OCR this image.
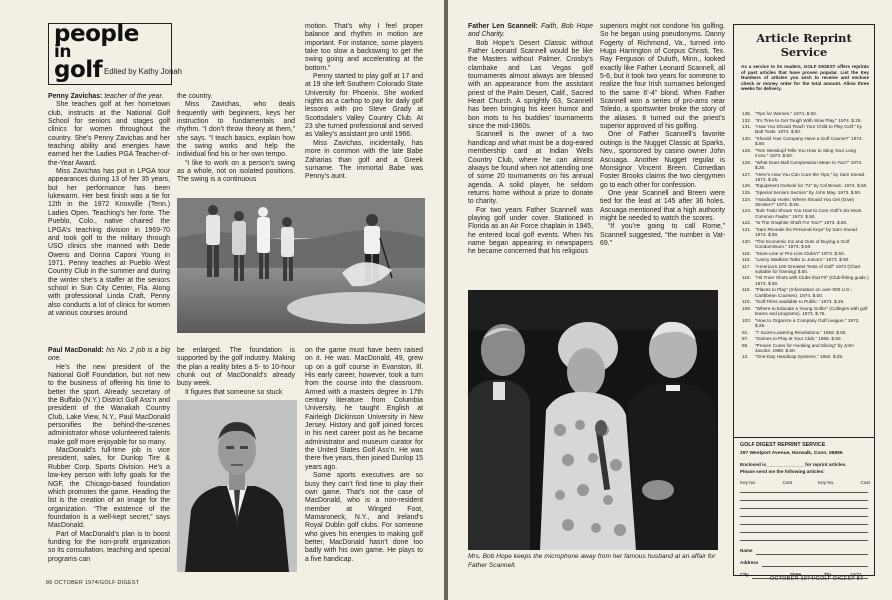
people
in
golf Edited by Kathy Jonah

Penny Zavichas: teacher of the year.

She teaches golf at her hometown club, instructs at the National Golf School for seniors and stages golf clinics for women throughout the country. She’s Penny Zavichas and her teaching ability and energies have earned her the Ladies PGA Teacher-of-the-Year Award.

Miss Zavichas has put in LPGA tour appearances during 13 of her 35 years, but her performance has been lukewarm. Her best finish was a tie for 12th in the 1972 Knoxville (Tenn.) Ladies Open. Teaching’s her forte. The Pueblo, Colo., native chaired the LPGA’s teaching division in 1969-70 and took golf to the military through USO clinics she manned with Dede Owens and Donna Caponi Young in 1971. Penny teaches at Pueblo West Country Club in the summer and during the winter she’s a staffer at the seniors school in Sun City Center, Fla. Along with professional Linda Craft, Penny also conducts a lot of clinics for women at various courses around

the country.

Miss Zavichas, who deals frequently with beginners, keys her instruction to fundamentals and rhythm. “I don’t throw theory at them,” she says. “I teach basics, explain how the swing works and help the individual find his or her own tempo.

“I like to work on a person’s swing as a whole, not on isolated positions. The swing is a continuous

motion. That’s why I feel proper balance and rhythm in motion are important. For instance, some players take too slow a backswing to get the swing going and accelerating at the bottom.”

Penny started to play golf at 17 and at 19 she left Southern Colorado State University for Phoenix. She worked nights as a carhop to pay for daily golf lessons with pro Steve Grady at Scottsdale’s Valley Country Club. At 23 she turned professional and served as Valley’s assistant pro until 1966.

Miss Zavichas, incidentally, has more in common with the late Babe Zaharias than golf and a Greek surname. The immortal Babe was Penny’s aunt.

Paul MacDonald: his No. 2 job is a big one.

He’s the new president of the National Golf Foundation, but not new to the business of offering his time to better the sport. Already secretary of the Buffalo (N.Y.) District Golf Ass’n and president of the Wanakah Country Club, Lake View, N.Y., Paul MacDonald personifies the behind-the-scenes administrator whose volunteered talents make golf more enjoyable for so many.

MacDonald’s full-time job is vice president, sales, for Dunlop Tire & Rubber Corp. Sports Division. He’s a low-key person with lofty goals for the NGF, the Chicago-based foundation which promotes the game. Heading the list is the creation of an image for the organization. “The existence of the foundation is a well-kept secret,” says MacDonald.

Part of MacDonald’s plan is to boost funding for the non-profit organization so its consultation, teaching and special programs can

be enlarged. The foundation is supported by the golf industry. Making the plan a reality bites a 5- to 10-hour chunk out of MacDonald’s already busy week.

It figures that someone so stuck

on the game must have been raised on it. He was. MacDonald, 49, grew up on a golf course in Evanston, Ill. His early career, however, took a turn from the course into the classroom. Armed with a masters degree in 17th century literature from Columbia University, he taught English at Fairleigh Dickinson University in New Jersey. History and golf joined forces in his next career post as he became administrator and museum curator for the United States Golf Ass’n. He was there five years, then joined Dunlop 15 years ago.

Some sports executives are so busy they can’t find time to play their own game. That’s not the case of MacDonald, who is a non-resident member at Winged Foot, Mamaroneck, N.Y., and Ireland’s Royal Dublin golf clubs. For someone who gives his energies to making golf better, MacDonald hasn’t done too badly with his own game. He plays to a five handicap.

86 OCTOBER 1974/GOLF DIGEST

Father Len Scannell: Faith, Bob Hope and Charity.

Bob Hope’s Desert Classic without Father Leonard Scannell would be like the Masters without Palmer. Crosby’s clambake and Las Vegas golf tournaments almost always are blessed with an appearance from the assistant priest of the Palm Desert, Calif., Sacred Heart Church. A sprightly 63, Scannell has been bringing his keen humor and bon mots to his buddies’ tournaments since the mid-1960s.

Scannell is the owner of a two handicap and what must be a dog-eared membership card at Indian Wells Country Club, where he can almost always be found when not attending one of some 20 tournaments on his annual agenda. A solid player, he seldom returns home without a prize to donate to charity.

For two years Father Scannell was playing golf under cover. Stationed in Florida as an Air Force chaplain in 1945, he entered local golf events. When his name began appearing in newspapers he became concerned that his religious

superiors might not condone his golfing. So he began using pseudonyms. Danny Fogerty of Richmond, Va., turned into Hugo Harrington of Corpus Christi, Tex. Ray Ferguson of Duluth, Minn., looked exactly like Father Leonard Scannell, all 5-6, but it took two years for someone to realize the four Irish surnames belonged to the same 6’-4” blond. When Father Scannell won a series of pro-ams near Toledo, a sportswriter broke the story of the aliases. It turned out the priest’s superior approved of his golfing.

One of Father Scannell’s favorite outings is the Nugget Classic at Sparks, Nev., sponsored by casino owner John Ascuaga. Another Nugget regular is Monsignor Vincent Breen. Comedian Foster Brooks claims the two clergymen go to each other for confession.

One year Scannell and Breen were tied for the lead at 145 after 36 holes. Ascuaga mentioned that a high authority might be needed to watch the scores.

“If you’re going to call Rome,” Scannell suggested, “the number is Vat-69.”

Mrs. Bob Hope keeps the microphone away from her famous husband at an affair for Father Scannell.
Article Reprint
Service
As a service to its readers, GOLF DIGEST offers reprints of past articles that have proven popular. List the Key Numbers of articles you wish to receive and enclose check or money order for the total amount. Allow three weeks for delivery.
135. “Tips for Women.” 1974. $.50.
132. “It’s Time to Get Tough With Slow Play.” 1974. $.25.
131. “How You Should Teach Your Child to Play Golf,” by Bob Toski. 1974. $.50.
130. “Should Your Company Have a Golf Course?” 1974. $.50.
129. “Tom Weiskopf Tells You How to Sting Your Long Irons.” 1973. $.50.
128. “What Does Ball Compression Mean to You?” 1974. $.25.
127. “Here’s How You Can Cure the Yips,” by Sam Snead. 1973. $.25.
126. “Equipment Outlook for ’74” by Cal Brown. 1974. $.50.
125. “Special Seniors Section” by John May. 1973. $.50.
124. “Handicap Holes: Where Should You Get (Give) Strokes?” 1973. $.50.
123. “Bob Toski Shows You How to Cure Golf’s Six Most Common Faults.” 1973. $.50.
122. “Is The Graphite Shaft For You?” 1973. $.50.
121. “Sam Reveals his Personal Keys” by Sam Snead. 1973. $.50.
120. “The Economic Ins and Outs of Buying a Golf Condominium.” 1973. $.50.
119. “Store-Line or Pro-Line Clubs?” 1973. $.50.
118. “Lanny Wadkins Talks to Juniors.” 1973. $.50.
117. “America’s 100 Greatest Tests of Golf” 1973 (Chart suitable for framing) $.50.
116. “Hit Truer Shots with Clubs that Fit” (Club-fitting guide.) 1973. $.50.
115. “Places to Play” (Information on over 900 U.S.-Caribbean Courses). 1974. $.50.
110. “Golf Films available to Public.” 1973. $.25.
109. “Where to Educate a Young Golfer” (Colleges with golf teams and programs). 1973. $.75.
103. “How to Organize a Company Golf League.” 1972. $.25.
91.	“7 Score-Lowering Resolutions.” 1969. $.50.
87.	“Games to Play at Your Club.” 1968. $.50.
86.	“Proven Cures for Hooking and Slicing” by John Jacobs. 1968. $.50.
12.	“One-Day Handicap Systems.” 1962. $.25.
GOLF DIGEST REPRINT SERVICE
297 Westport Avenue, Norwalk, Conn. 06856
Enclosed is_______________for reprint articles.
Please send me the following articles:
Key No.	Cost	Key No.	Cost
Name
Address
City	State	Zip	10/74
OCTOBER 1974/GOLF DIGEST 87
